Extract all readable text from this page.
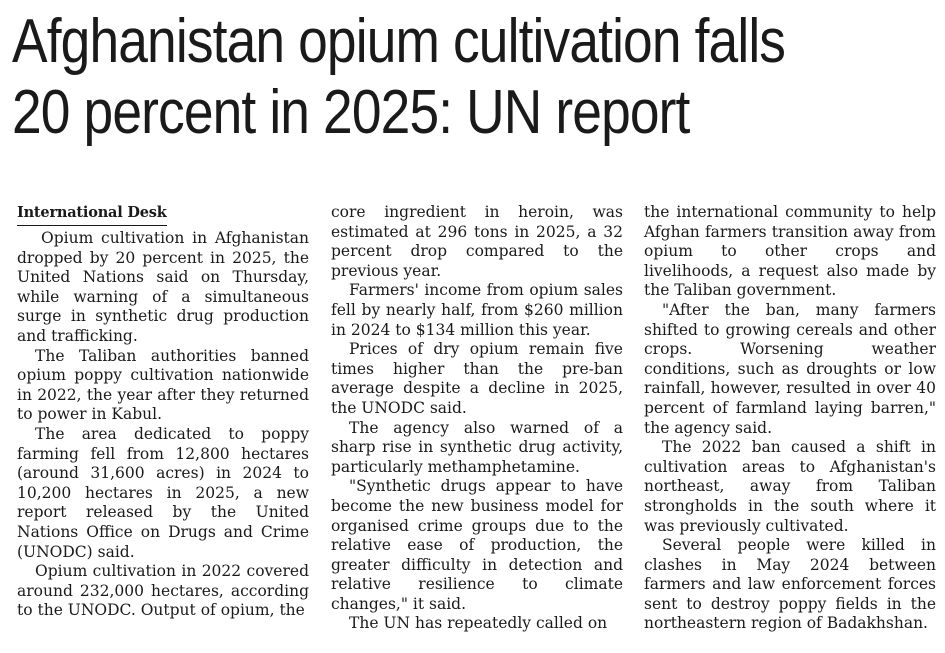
Afghanistan opium cultivation falls
20 percent in 2025: UN report
International Desk

Opium cultivation in Afghanistan dropped by 20 percent in 2025, the United Nations said on Thursday, while warning of a simultaneous surge in synthetic drug production and trafficking.

The Taliban authorities banned opium poppy cultivation nationwide in 2022, the year after they returned to power in Kabul.

The area dedicated to poppy farming fell from 12,800 hectares (around 31,600 acres) in 2024 to 10,200 hectares in 2025, a new report released by the United Nations Office on Drugs and Crime (UNODC) said.

Opium cultivation in 2022 covered around 232,000 hectares, according to the UNODC. Output of opium, the

core ingredient in heroin, was estimated at 296 tons in 2025, a 32 percent drop compared to the previous year.

Farmers' income from opium sales fell by nearly half, from $260 million in 2024 to $134 million this year.

Prices of dry opium remain five times higher than the pre-ban average despite a decline in 2025, the UNODC said.

The agency also warned of a sharp rise in synthetic drug activity, particularly methamphetamine.

"Synthetic drugs appear to have become the new business model for organised crime groups due to the relative ease of production, the greater difficulty in detection and relative resilience to climate changes," it said.

The UN has repeatedly called on

the international community to help Afghan farmers transition away from opium to other crops and livelihoods, a request also made by the Taliban government.

"After the ban, many farmers shifted to growing cereals and other crops. Worsening weather conditions, such as droughts or low rainfall, however, resulted in over 40 percent of farmland laying barren," the agency said.

The 2022 ban caused a shift in cultivation areas to Afghanistan's northeast, away from Taliban strongholds in the south where it was previously cultivated.

Several people were killed in clashes in May 2024 between farmers and law enforcement forces sent to destroy poppy fields in the northeastern region of Badakhshan.
